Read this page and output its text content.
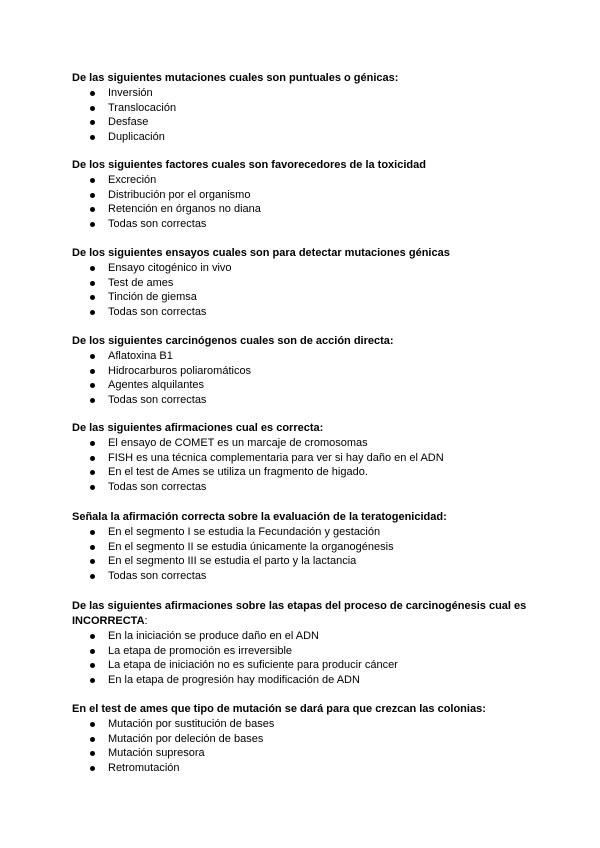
De las siguientes mutaciones cuales son puntuales o génicas:

Inversión
Translocación
Desfase
Duplicación

De los siguientes factores cuales son favorecedores de la toxicidad

Excreción
Distribución por el organismo
Retención en órganos no diana
Todas son correctas

De los siguientes ensayos cuales son para detectar mutaciones génicas

Ensayo citogénico in vivo
Test de ames
Tinción de giemsa
Todas son correctas

De los siguientes carcinógenos cuales son de acción directa:

Aflatoxina B1
Hidrocarburos poliaromáticos
Agentes alquilantes
Todas son correctas

De las siguientes afirmaciones cual es correcta:

El ensayo de COMET es un marcaje de cromosomas
FISH es una técnica complementaria para ver si hay daño en el ADN
En el test de Ames se utiliza un fragmento de higado.
Todas son correctas

Señala la afirmación correcta sobre la evaluación de la teratogenicidad:

En el segmento I se estudia la Fecundación y gestación
En el segmento II se estudia únicamente la organogénesis
En el segmento III se estudia el parto y la lactancia
Todas son correctas

De las siguientes afirmaciones sobre las etapas del proceso de carcinogénesis cual es INCORRECTA:

En la iniciación se produce daño en el ADN
La etapa de promoción es irreversible
La etapa de iniciación no es suficiente para producir cáncer
En la etapa de progresión hay modificación de ADN

En el test de ames que tipo de mutación se dará para que crezcan las colonias:

Mutación por sustitución de bases
Mutación por deleción de bases
Mutación supresora
Retromutación
